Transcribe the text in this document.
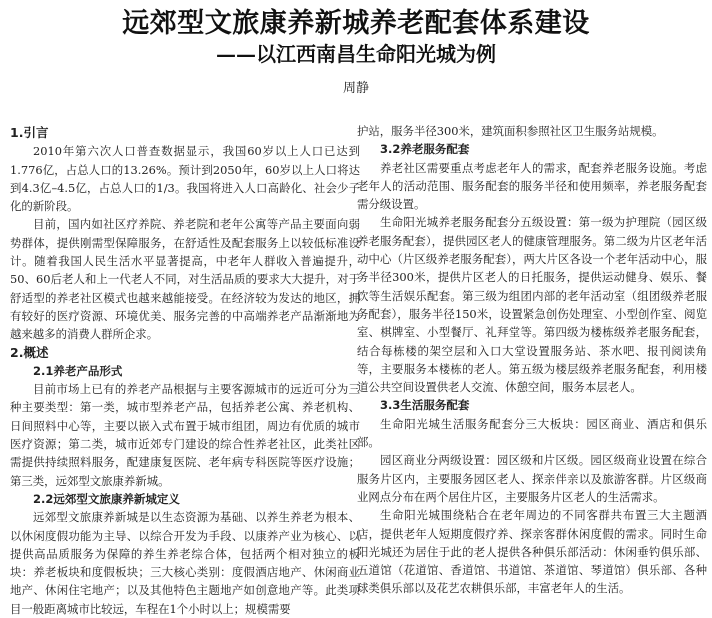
远郊型文旅康养新城养老配套体系建设
——以江西南昌生命阳光城为例
周静

1.引言

2010年第六次人口普查数据显示，我国60岁以上人口已达到1.776亿，占总人口的13.26%。预计到2050年，60岁以上人口将达到4.3亿–4.5亿，占总人口的1/3。我国将进入人口高龄化、社会少子化的新阶段。

目前，国内如社区疗养院、养老院和老年公寓等产品主要面向弱势群体，提供刚需型保障服务，在舒适性及配套服务上以较低标准设计。随着我国人民生活水平显著提高，中老年人群收入普遍提升，50、60后老人和上一代老人不同，对生活品质的要求大大提升，对于舒适型的养老社区模式也越来越能接受。在经济较为发达的地区，拥有较好的医疗资源、环境优美、服务完善的中高端养老产品渐渐地为越来越多的消费人群所企求。

2.概述

2.1养老产品形式

目前市场上已有的养老产品根据与主要客源城市的远近可分为三种主要类型：第一类，城市型养老产品，包括养老公寓、养老机构、日间照料中心等，主要以嵌入式布置于城市组团，周边有优质的城市医疗资源；第二类，城市近郊专门建设的综合性养老社区，此类社区需提供持续照料服务，配建康复医院、老年病专科医院等医疗设施；第三类，远郊型文旅康养新城。

2.2远郊型文旅康养新城定义

远郊型文旅康养新城是以生态资源为基础、以养生养老为根本、以休闲度假功能为主导、以综合开发为手段、以康养产业为核心、以提供高品质服务为保障的养生养老综合体，包括两个相对独立的板块：养老板块和度假板块；三大核心类别：度假酒店地产、休闲商业地产、休闲住宅地产；以及其他特色主题地产如创意地产等。此类项目一般距离城市比较远，车程在1个小时以上；规模需要

护站，服务半径300米，建筑面积参照社区卫生服务站规模。

3.2养老服务配套

养老社区需要重点考虑老年人的需求，配套养老服务设施。考虑老年人的活动范围、服务配套的服务半径和使用频率，养老服务配套需分级设置。

生命阳光城养老服务配套分五级设置：第一级为护理院（园区级养老服务配套），提供园区老人的健康管理服务。第二级为片区老年活动中心（片区级养老服务配套），两大片区各设一个老年活动中心，服务半径300米，提供片区老人的日托服务，提供运动健身、娱乐、餐饮等生活娱乐配套。第三级为组团内部的老年活动室（组团级养老服务配套），服务半径150米，设置紧急创伤处理室、小型创作室、阅览室、棋牌室、小型餐厅、礼拜堂等。第四级为楼栋级养老服务配套，结合每栋楼的架空层和入口大堂设置服务站、茶水吧、报刊阅读角等，主要服务本楼栋的老人。第五级为楼层级养老服务配套，利用楼道公共空间设置供老人交流、休憩空间，服务本层老人。

3.3生活服务配套

生命阳光城生活服务配套分三大板块：园区商业、酒店和俱乐部。

园区商业分两级设置：园区级和片区级。园区级商业设置在综合服务片区内，主要服务园区老人、探亲伴亲以及旅游客群。片区级商业网点分布在两个居住片区，主要服务片区老人的生活需求。

生命阳光城围绕粘合在老年周边的不同客群共布置三大主题酒店，提供老年人短期度假疗养、探亲客群休闲度假的需求。同时生命阳光城还为居住于此的老人提供各种俱乐部活动：休闲垂钓俱乐部、五道馆（花道馆、香道馆、书道馆、茶道馆、琴道馆）俱乐部、各种球类俱乐部以及花艺农耕俱乐部，丰富老年人的生活。
